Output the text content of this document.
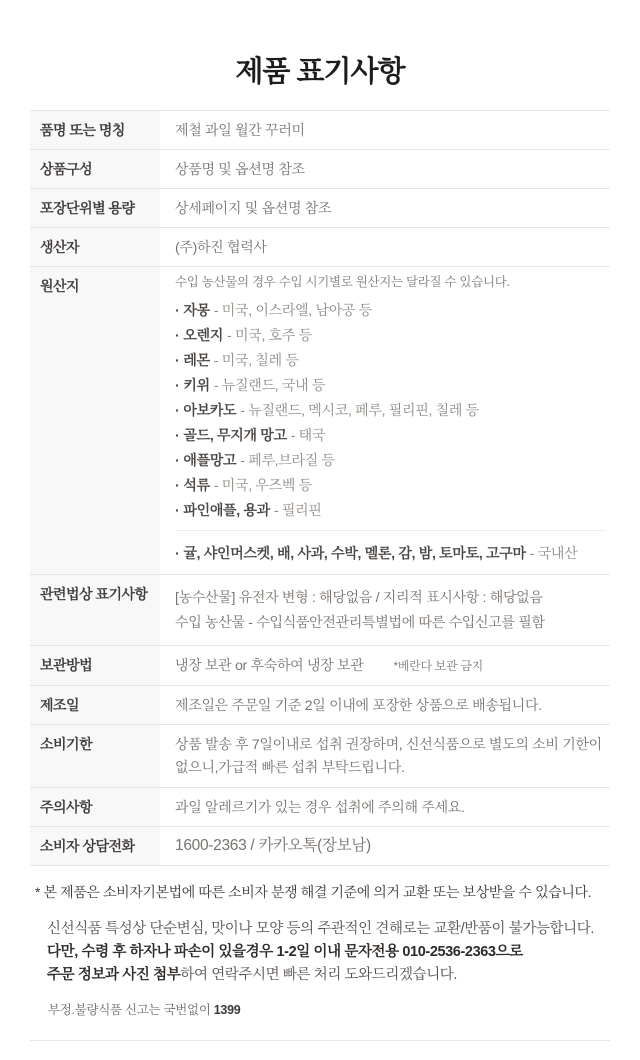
제품 표기사항
품명 또는 명칭	제철 과일 월간 꾸러미
상품구성	상품명 및 옵션명 참조
포장단위별 용량	상세페이지 및 옵션명 참조
생산자	(주)하진 협력사
원산지	수입 농산물의 경우 수입 시기별로 원산지는 달라질 수 있습니다.

· 자몽 - 미국, 이스라엘, 남아공 등
· 오렌지 - 미국, 호주 등
· 레몬 - 미국, 칠레 등
· 키위 - 뉴질랜드, 국내 등
· 아보카도 - 뉴질랜드, 멕시코, 페루, 필리핀, 칠레 등
· 골드, 무지개 망고 - 태국
· 애플망고 - 페루,브라질 등
· 석류 - 미국, 우즈벡 등
· 파인애플, 용과 - 필리핀
· 귤, 샤인머스켓, 배, 사과, 수박, 멜론, 감, 밤, 토마토, 고구마 - 국내산
관련법상 표기사항	[농수산물] 유전자 변형 : 해당없음 / 지리적 표시사항 : 해당없음

수입 농산물 - 수입식품안전관리특별법에 따른 수입신고를 필함

보관방법	냉장 보관 or 후숙하여 냉장 보관	*베란다 보관 금지
제조일	제조일은 주문일 기준 2일 이내에 포장한 상품으로 배송됩니다.
소비기한	상품 발송 후 7일이내로 섭취 권장하며, 신선식품으로 별도의 소비 기한이 없으니,가급적 빠른 섭취 부탁드립니다.
주의사항	과일 알레르기가 있는 경우 섭취에 주의해 주세요.
소비자 상담전화	1600-2363 / 카카오톡(장보남)

* 본 제품은 소비자기본법에 따른 소비자 분쟁 해결 기준에 의거 교환 또는 보상받을 수 있습니다.

신선식품 특성상 단순변심, 맛이나 모양 등의 주관적인 견해로는 교환/반품이 불가능합니다.
다만, 수령 후 하자나 파손이 있을경우 1-2일 이내 문자전용 010-2536-2363으로
주문 정보과 사진 첨부하여 연락주시면 빠른 처리 도와드리겠습니다.

부정.불량식품 신고는 국번없이 1399
